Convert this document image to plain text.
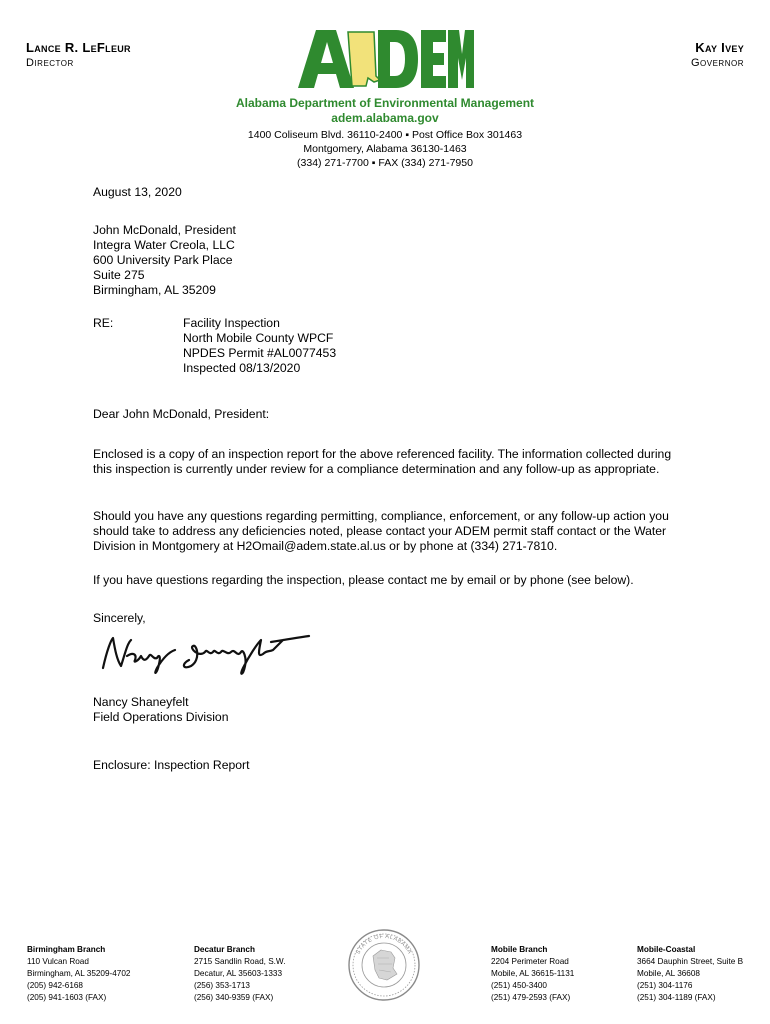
Lance R. LeFleur
Director
Kay Ivey
Governor
Alabama Department of Environmental Management
adem.alabama.gov
1400 Coliseum Blvd. 36110-2400 ▪ Post Office Box 301463
Montgomery, Alabama 36130-1463
(334) 271-7700 ▪ FAX (334) 271-7950
August 13, 2020
John McDonald, President
Integra Water Creola, LLC
600 University Park Place
Suite 275
Birmingham, AL 35209
RE:	Facility Inspection
North Mobile County WPCF
NPDES Permit #AL0077453
Inspected 08/13/2020
Dear John McDonald, President:

Enclosed is a copy of an inspection report for the above referenced facility. The information collected during this inspection is currently under review for a compliance determination and any follow-up as appropriate.

Should you have any questions regarding permitting, compliance, enforcement, or any follow-up action you should take to address any deficiencies noted, please contact your ADEM permit staff contact or the Water Division in Montgomery at H2Omail@adem.state.al.us or by phone at (334) 271-7810.

If you have questions regarding the inspection, please contact me by email or by phone (see below).

Sincerely,
Nancy Shaneyfelt
Field Operations Division
Enclosure: Inspection Report
Birmingham Branch
110 Vulcan Road
Birmingham, AL 35209-4702
(205) 942-6168
(205) 941-1603 (FAX)
Decatur Branch
2715 Sandlin Road, S.W.
Decatur, AL 35603-1333
(256) 353-1713
(256) 340-9359 (FAX)
STATE OF ALABAMA	Mobile Branch
2204 Perimeter Road
Mobile, AL 36615-1131
(251) 450-3400
(251) 479-2593 (FAX)
Mobile-Coastal
3664 Dauphin Street, Suite B
Mobile, AL 36608
(251) 304-1176
(251) 304-1189 (FAX)
